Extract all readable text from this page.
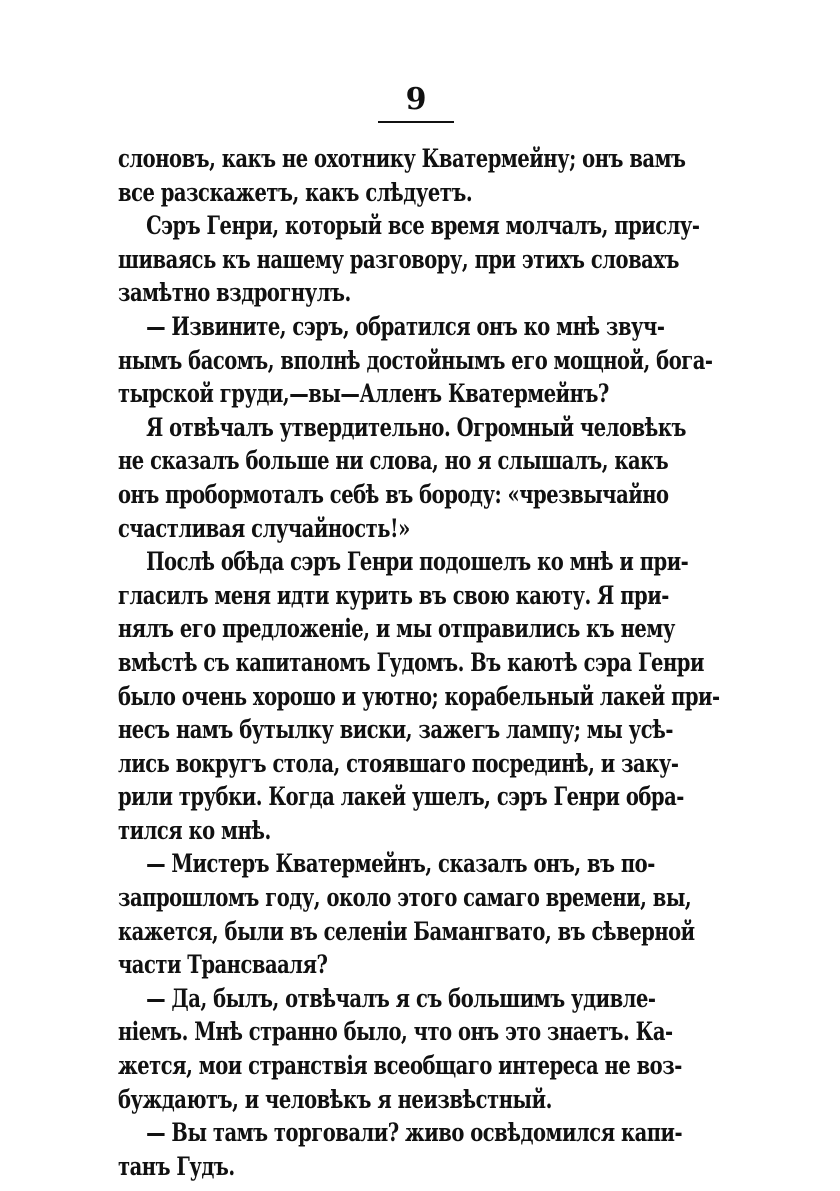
9
слоновъ, какъ не охотнику Кватермейну; онъ вамъ
все разскажетъ, какъ слѣдуетъ.
Сэръ Генри, который все время молчалъ, прислу-
шиваясь къ нашему разговору, при этихъ словахъ
замѣтно вздрогнулъ.
— Извините, сэръ, обратился онъ ко мнѣ звуч-
нымъ басомъ, вполнѣ достойнымъ его мощной, бога-
тырской груди,—вы—Алленъ Кватермейнъ?
Я отвѣчалъ утвердительно. Огромный человѣкъ
не сказалъ больше ни слова, но я слышалъ, какъ
онъ пробормоталъ себѣ въ бороду: «чрезвычайно
счастливая случайность!»
Послѣ обѣда сэръ Генри подошелъ ко мнѣ и при-
гласилъ меня идти курить въ свою каюту. Я при-
нялъ его предложеніе, и мы отправились къ нему
вмѣстѣ съ капитаномъ Гудомъ. Въ каютѣ сэра Генри
было очень хорошо и уютно; корабельный лакей при-
несъ намъ бутылку виски, зажегъ лампу; мы усѣ-
лись вокругъ стола, стоявшаго посрединѣ, и заку-
рили трубки. Когда лакей ушелъ, сэръ Генри обра-
тился ко мнѣ.
— Мистеръ Кватермейнъ, сказалъ онъ, въ по-
запрошломъ году, около этого самаго времени, вы,
кажется, были въ селеніи Бамангвато, въ сѣверной
части Трансвааля?
— Да, былъ, отвѣчалъ я съ большимъ удивле-
ніемъ. Мнѣ странно было, что онъ это знаетъ. Ка-
жется, мои странствія всеобщаго интереса не воз-
буждаютъ, и человѣкъ я неизвѣстный.
— Вы тамъ торговали? живо освѣдомился капи-
танъ Гудъ.
